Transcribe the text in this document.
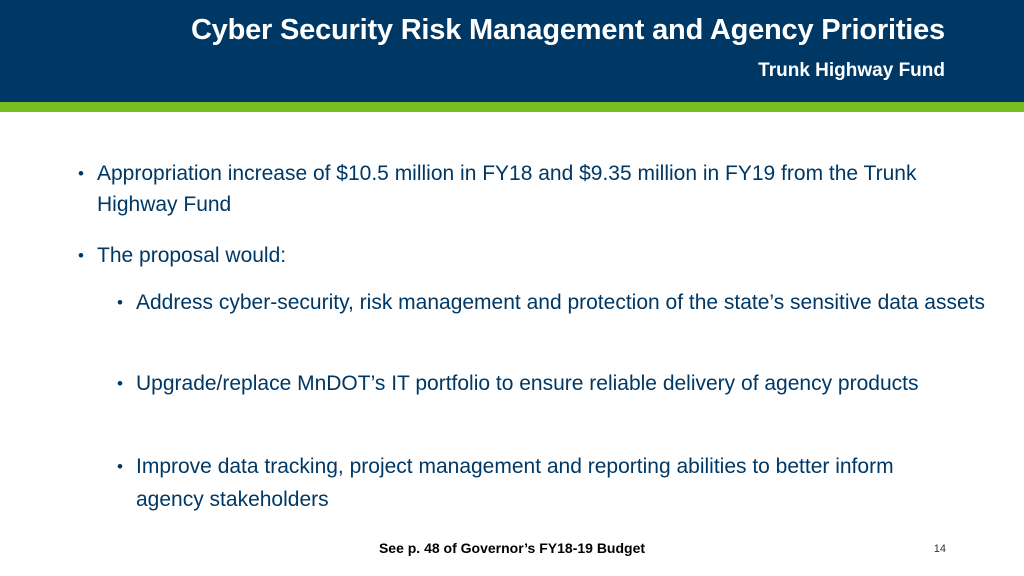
Cyber Security Risk Management and Agency Priorities
Trunk Highway Fund
• Appropriation increase of $10.5 million in FY18 and $9.35 million in FY19 from the Trunk Highway Fund
• The proposal would:
• Address cyber-security, risk management and protection of the state’s sensitive data assets
• Upgrade/replace MnDOT’s IT portfolio to ensure reliable delivery of agency products
• Improve data tracking, project management and reporting abilities to better inform agency stakeholders
See p. 48 of Governor’s FY18-19 Budget	14
